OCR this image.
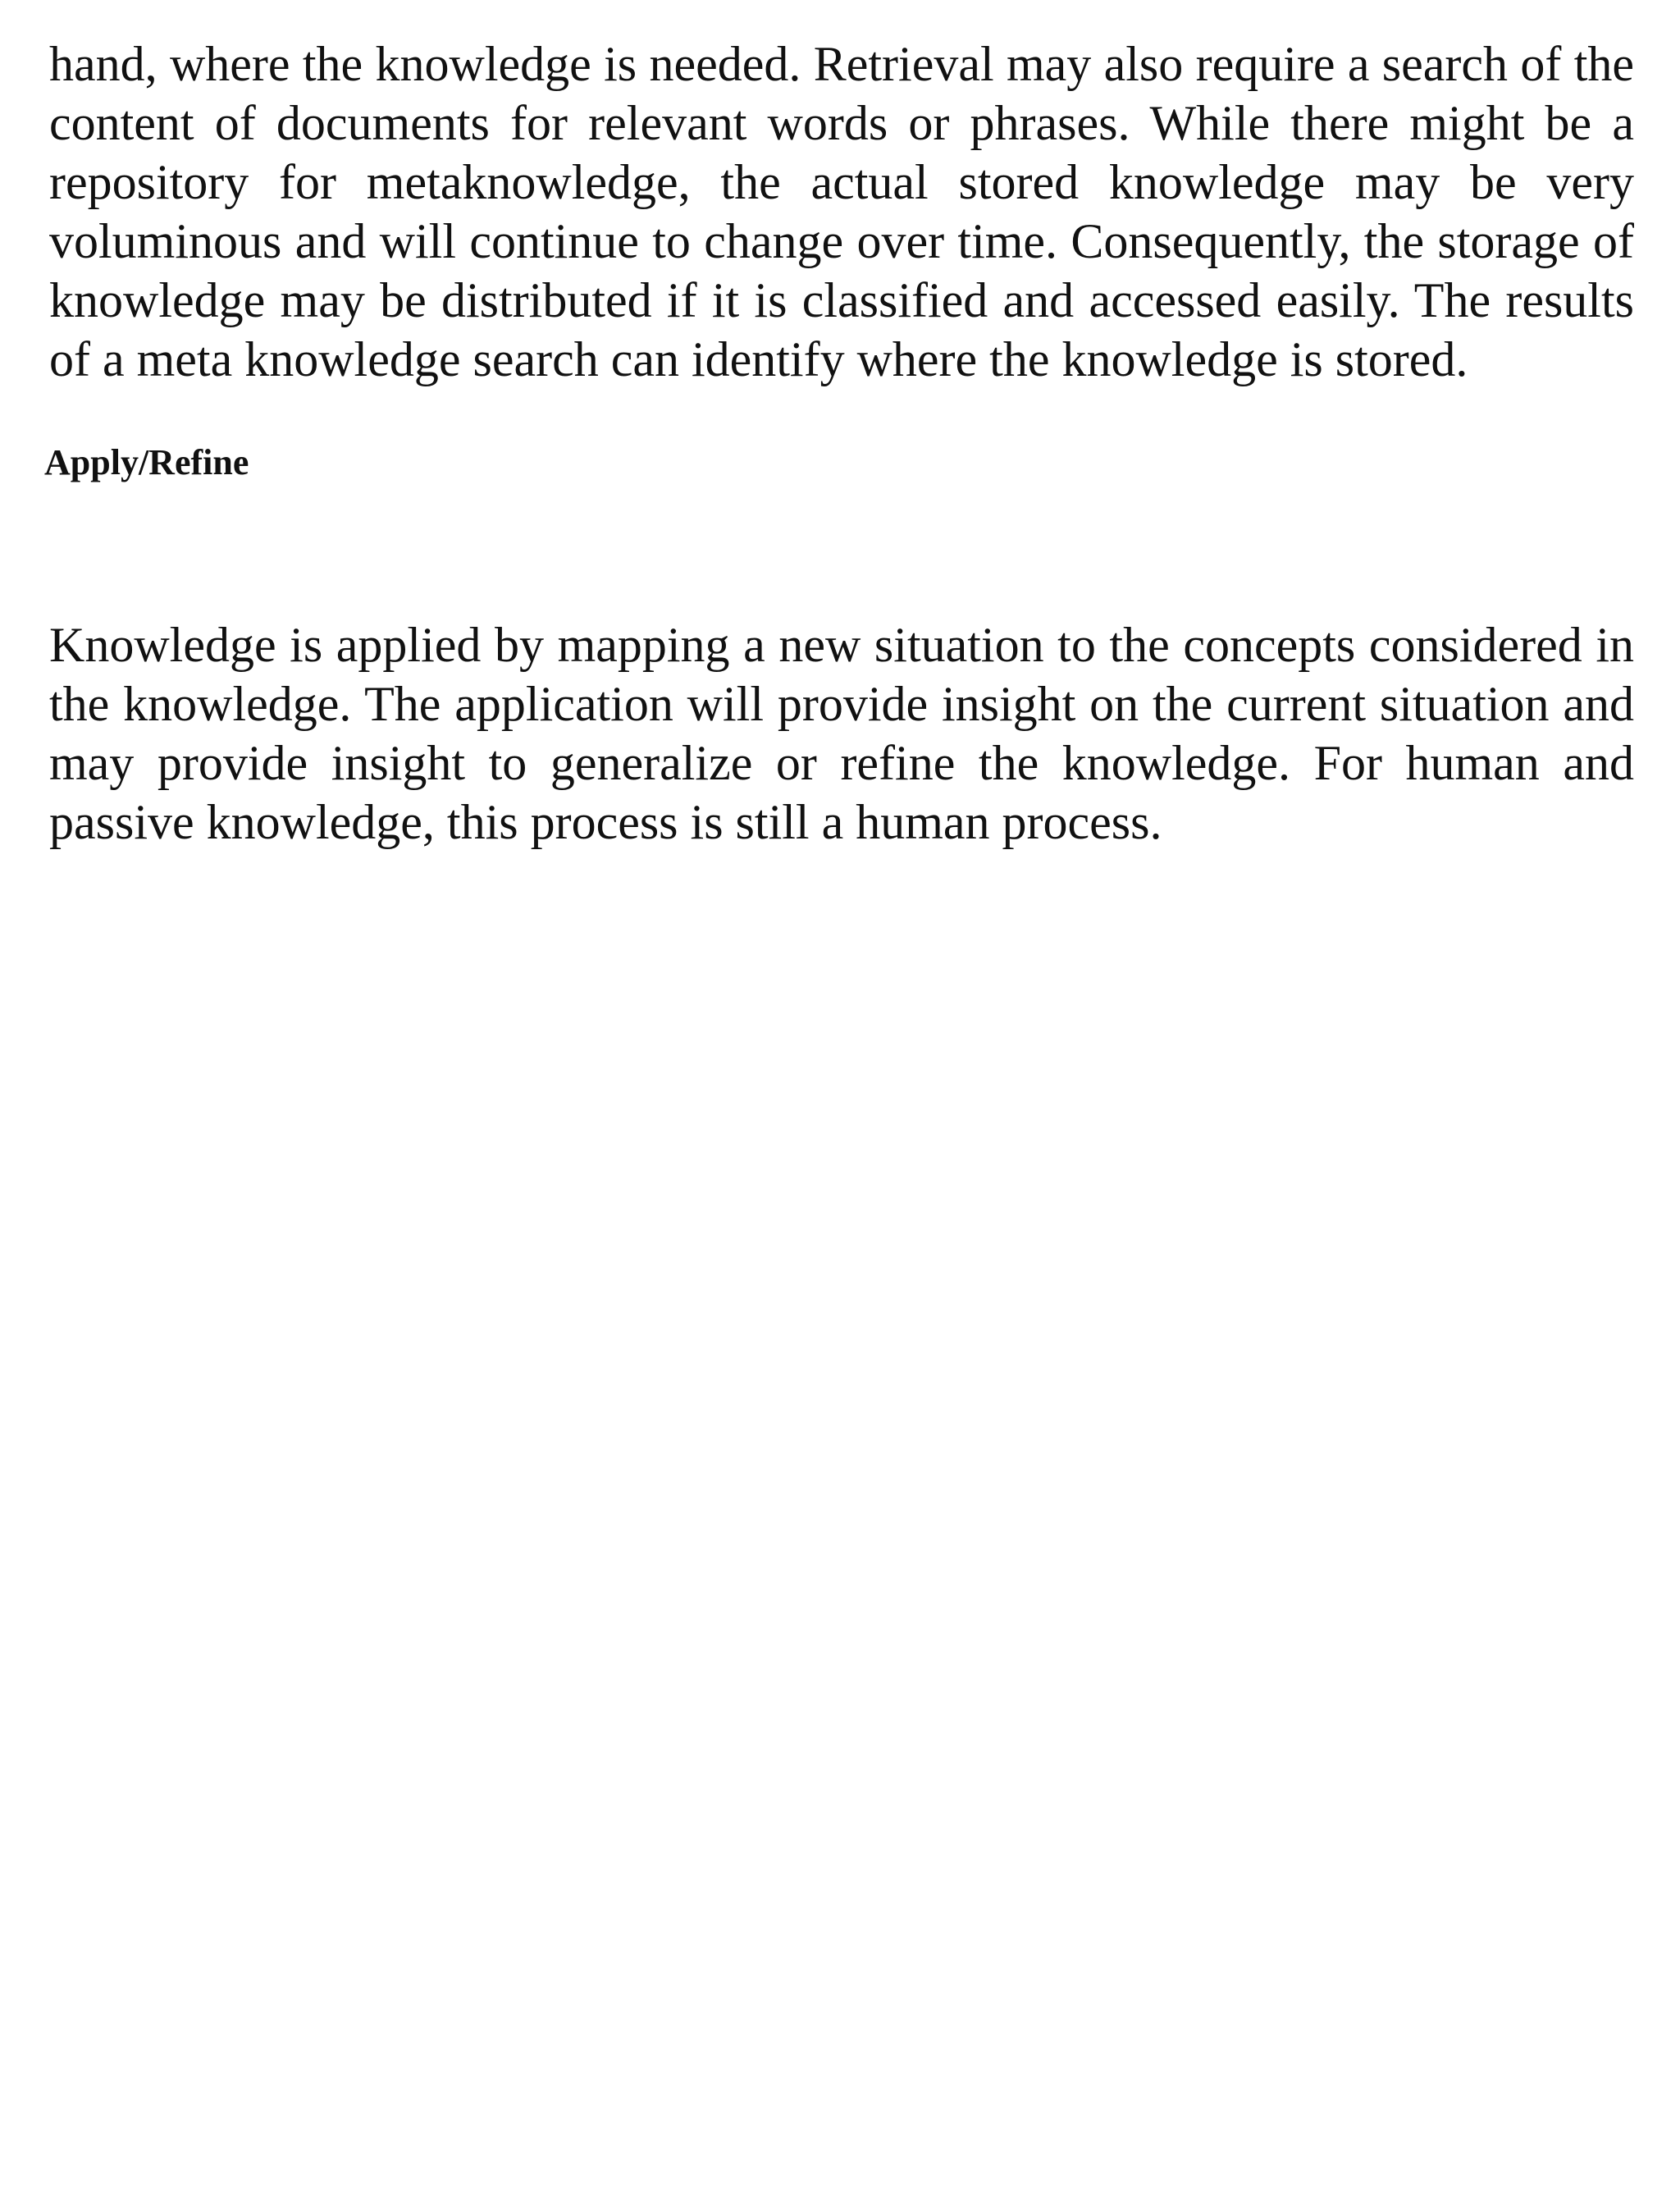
hand, where the knowledge is needed. Retrieval may also require a search of the content of documents for relevant words or phrases. While there might be a repository for metaknowledge, the actual stored knowledge may be very voluminous and will continue to change over time. Consequently, the storage of knowledge may be distributed if it is classified and accessed easily. The results of a meta knowledge search can identify where the knowledge is stored.

Apply/Refine

Knowledge is applied by mapping a new situation to the concepts considered in the knowledge. The application will provide insight on the current situation and may provide insight to generalize or refine the knowledge. For human and passive knowledge, this process is still a human process.
